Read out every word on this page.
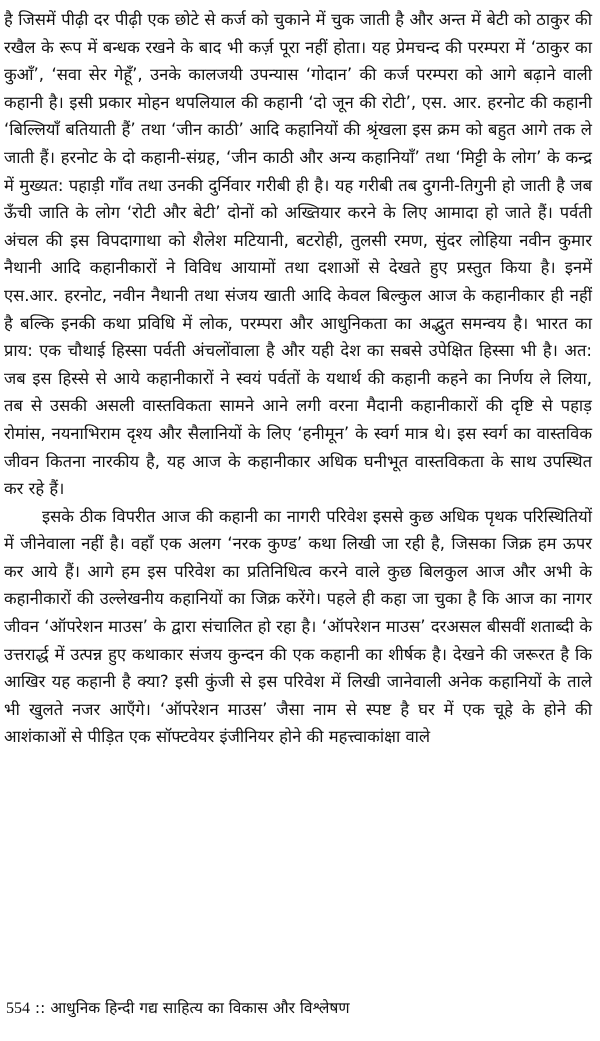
है जिसमें पीढ़ी दर पीढ़ी एक छोटे से कर्ज को चुकाने में चुक जाती है और अन्त में बेटी को ठाकुर की रखैल के रूप में बन्धक रखने के बाद भी कर्ज़ पूरा नहीं होता। यह प्रेमचन्द की परम्परा में ‘ठाकुर का कुआँ’, ‘सवा सेर गेहूँ’, उनके कालजयी उपन्यास ‘गोदान’ की कर्ज परम्परा को आगे बढ़ाने वाली कहानी है। इसी प्रकार मोहन थपलियाल की कहानी ‘दो जून की रोटी’, एस. आर. हरनोट की कहानी ‘बिल्लियाँ बतियाती हैं’ तथा ‘जीन काठी’ आदि कहानियों की श्रृंखला इस क्रम को बहुत आगे तक ले जाती हैं। हरनोट के दो कहानी-संग्रह, ‘जीन काठी और अन्य कहानियाँ’ तथा ‘मिट्टी के लोग’ के कन्द्र में मुख्यत: पहाड़ी गाँव तथा उनकी दुर्निवार गरीबी ही है। यह गरीबी तब दुगनी-तिगुनी हो जाती है जब ऊँची जाति के लोग ‘रोटी और बेटी’ दोनों को अख्तियार करने के लिए आमादा हो जाते हैं। पर्वती अंचल की इस विपदागाथा को शैलेश मटियानी, बटरोही, तुलसी रमण, सुंदर लोहिया नवीन कुमार नैथानी आदि कहानीकारों ने विविध आयामों तथा दशाओं से देखते हुए प्रस्तुत किया है। इनमें एस.आर. हरनोट, नवीन नैथानी तथा संजय खाती आदि केवल बिल्कुल आज के कहानीकार ही नहीं है बल्कि इनकी कथा प्रविधि में लोक, परम्परा और आधुनिकता का अद्भुत समन्वय है। भारत का प्राय: एक चौथाई हिस्सा पर्वती अंचलोंवाला है और यही देश का सबसे उपेक्षित हिस्सा भी है। अत: जब इस हिस्से से आये कहानीकारों ने स्वयं पर्वतों के यथार्थ की कहानी कहने का निर्णय ले लिया, तब से उसकी असली वास्तविकता सामने आने लगी वरना मैदानी कहानीकारों की दृष्टि से पहाड़ रोमांस, नयनाभिराम दृश्य और सैलानियों के लिए ‘हनीमून’ के स्वर्ग मात्र थे। इस स्वर्ग का वास्तविक जीवन कितना नारकीय है, यह आज के कहानीकार अधिक घनीभूत वास्तविकता के साथ उपस्थित कर रहे हैं।

इसके ठीक विपरीत आज की कहानी का नागरी परिवेश इससे कुछ अधिक पृथक परिस्थितियों में जीनेवाला नहीं है। वहाँ एक अलग ‘नरक कुण्ड’ कथा लिखी जा रही है, जिसका जिक्र हम ऊपर कर आये हैं। आगे हम इस परिवेश का प्रतिनिधित्व करने वाले कुछ बिलकुल आज और अभी के कहानीकारों की उल्लेखनीय कहानियों का जिक्र करेंगे। पहले ही कहा जा चुका है कि आज का नागर जीवन ‘ऑपरेशन माउस’ के द्वारा संचालित हो रहा है। ‘ऑपरेशन माउस’ दरअसल बीसवीं शताब्दी के उत्तरार्द्ध में उत्पन्न हुए कथाकार संजय कुन्दन की एक कहानी का शीर्षक है। देखने की जरूरत है कि आखिर यह कहानी है क्या? इसी कुंजी से इस परिवेश में लिखी जानेवाली अनेक कहानियों के ताले भी खुलते नजर आएँगे। ‘ऑपरेशन माउस’ जैसा नाम से स्पष्ट है घर में एक चूहे के होने की आशंकाओं से पीड़ित एक सॉफ्टवेयर इंजीनियर होने की महत्त्वाकांक्षा वाले

554 :: आधुनिक हिन्दी गद्य साहित्य का विकास और विश्लेषण
